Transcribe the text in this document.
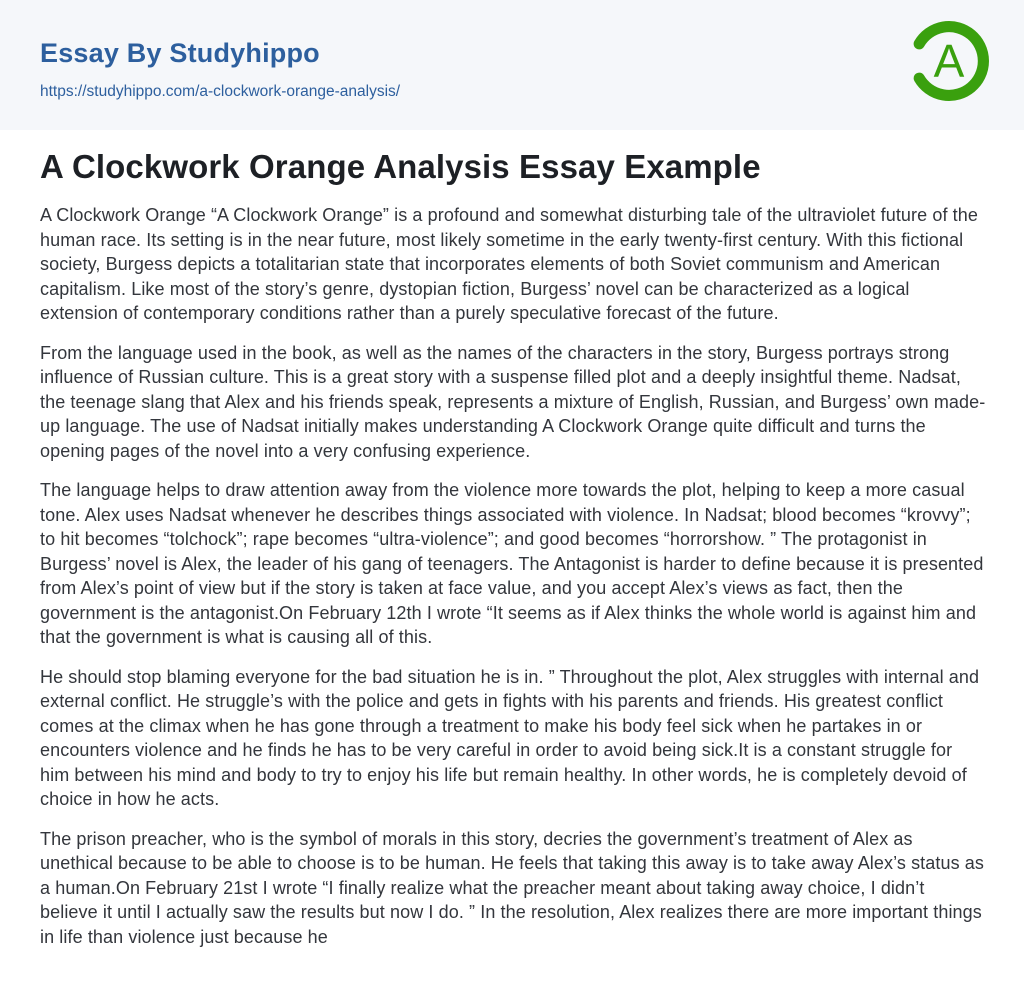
Essay By Studyhippo
https://studyhippo.com/a-clockwork-orange-analysis/
A
A Clockwork Orange Analysis Essay Example

A Clockwork Orange “A Clockwork Orange” is a profound and somewhat disturbing tale of the ultraviolet future of the human race. Its setting is in the near future, most likely sometime in the early twenty-first century. With this fictional society, Burgess depicts a totalitarian state that incorporates elements of both Soviet communism and American capitalism. Like most of the story’s genre, dystopian fiction, Burgess’ novel can be characterized as a logical extension of contemporary conditions rather than a purely speculative forecast of the future.

From the language used in the book, as well as the names of the characters in the story, Burgess portrays strong influence of Russian culture. This is a great story with a suspense filled plot and a deeply insightful theme. Nadsat, the teenage slang that Alex and his friends speak, represents a mixture of English, Russian, and Burgess’ own made-up language. The use of Nadsat initially makes understanding A Clockwork Orange quite difficult and turns the opening pages of the novel into a very confusing experience.

The language helps to draw attention away from the violence more towards the plot, helping to keep a more casual tone. Alex uses Nadsat whenever he describes things associated with violence. In Nadsat; blood becomes “krovvy”; to hit becomes “tolchock”; rape becomes “ultra-violence”; and good becomes “horrorshow. ” The protagonist in Burgess’ novel is Alex, the leader of his gang of teenagers. The Antagonist is harder to define because it is presented from Alex’s point of view but if the story is taken at face value, and you accept Alex’s views as fact, then the government is the antagonist.On February 12th I wrote “It seems as if Alex thinks the whole world is against him and that the government is what is causing all of this.

He should stop blaming everyone for the bad situation he is in. ” Throughout the plot, Alex struggles with internal and external conflict. He struggle’s with the police and gets in fights with his parents and friends. His greatest conflict comes at the climax when he has gone through a treatment to make his body feel sick when he partakes in or encounters violence and he finds he has to be very careful in order to avoid being sick.It is a constant struggle for him between his mind and body to try to enjoy his life but remain healthy. In other words, he is completely devoid of choice in how he acts.

The prison preacher, who is the symbol of morals in this story, decries the government’s treatment of Alex as unethical because to be able to choose is to be human. He feels that taking this away is to take away Alex’s status as a human.On February 21st I wrote “I finally realize what the preacher meant about taking away choice, I didn’t believe it until I actually saw the results but now I do. ” In the resolution, Alex realizes there are more important things in life than violence just because he
